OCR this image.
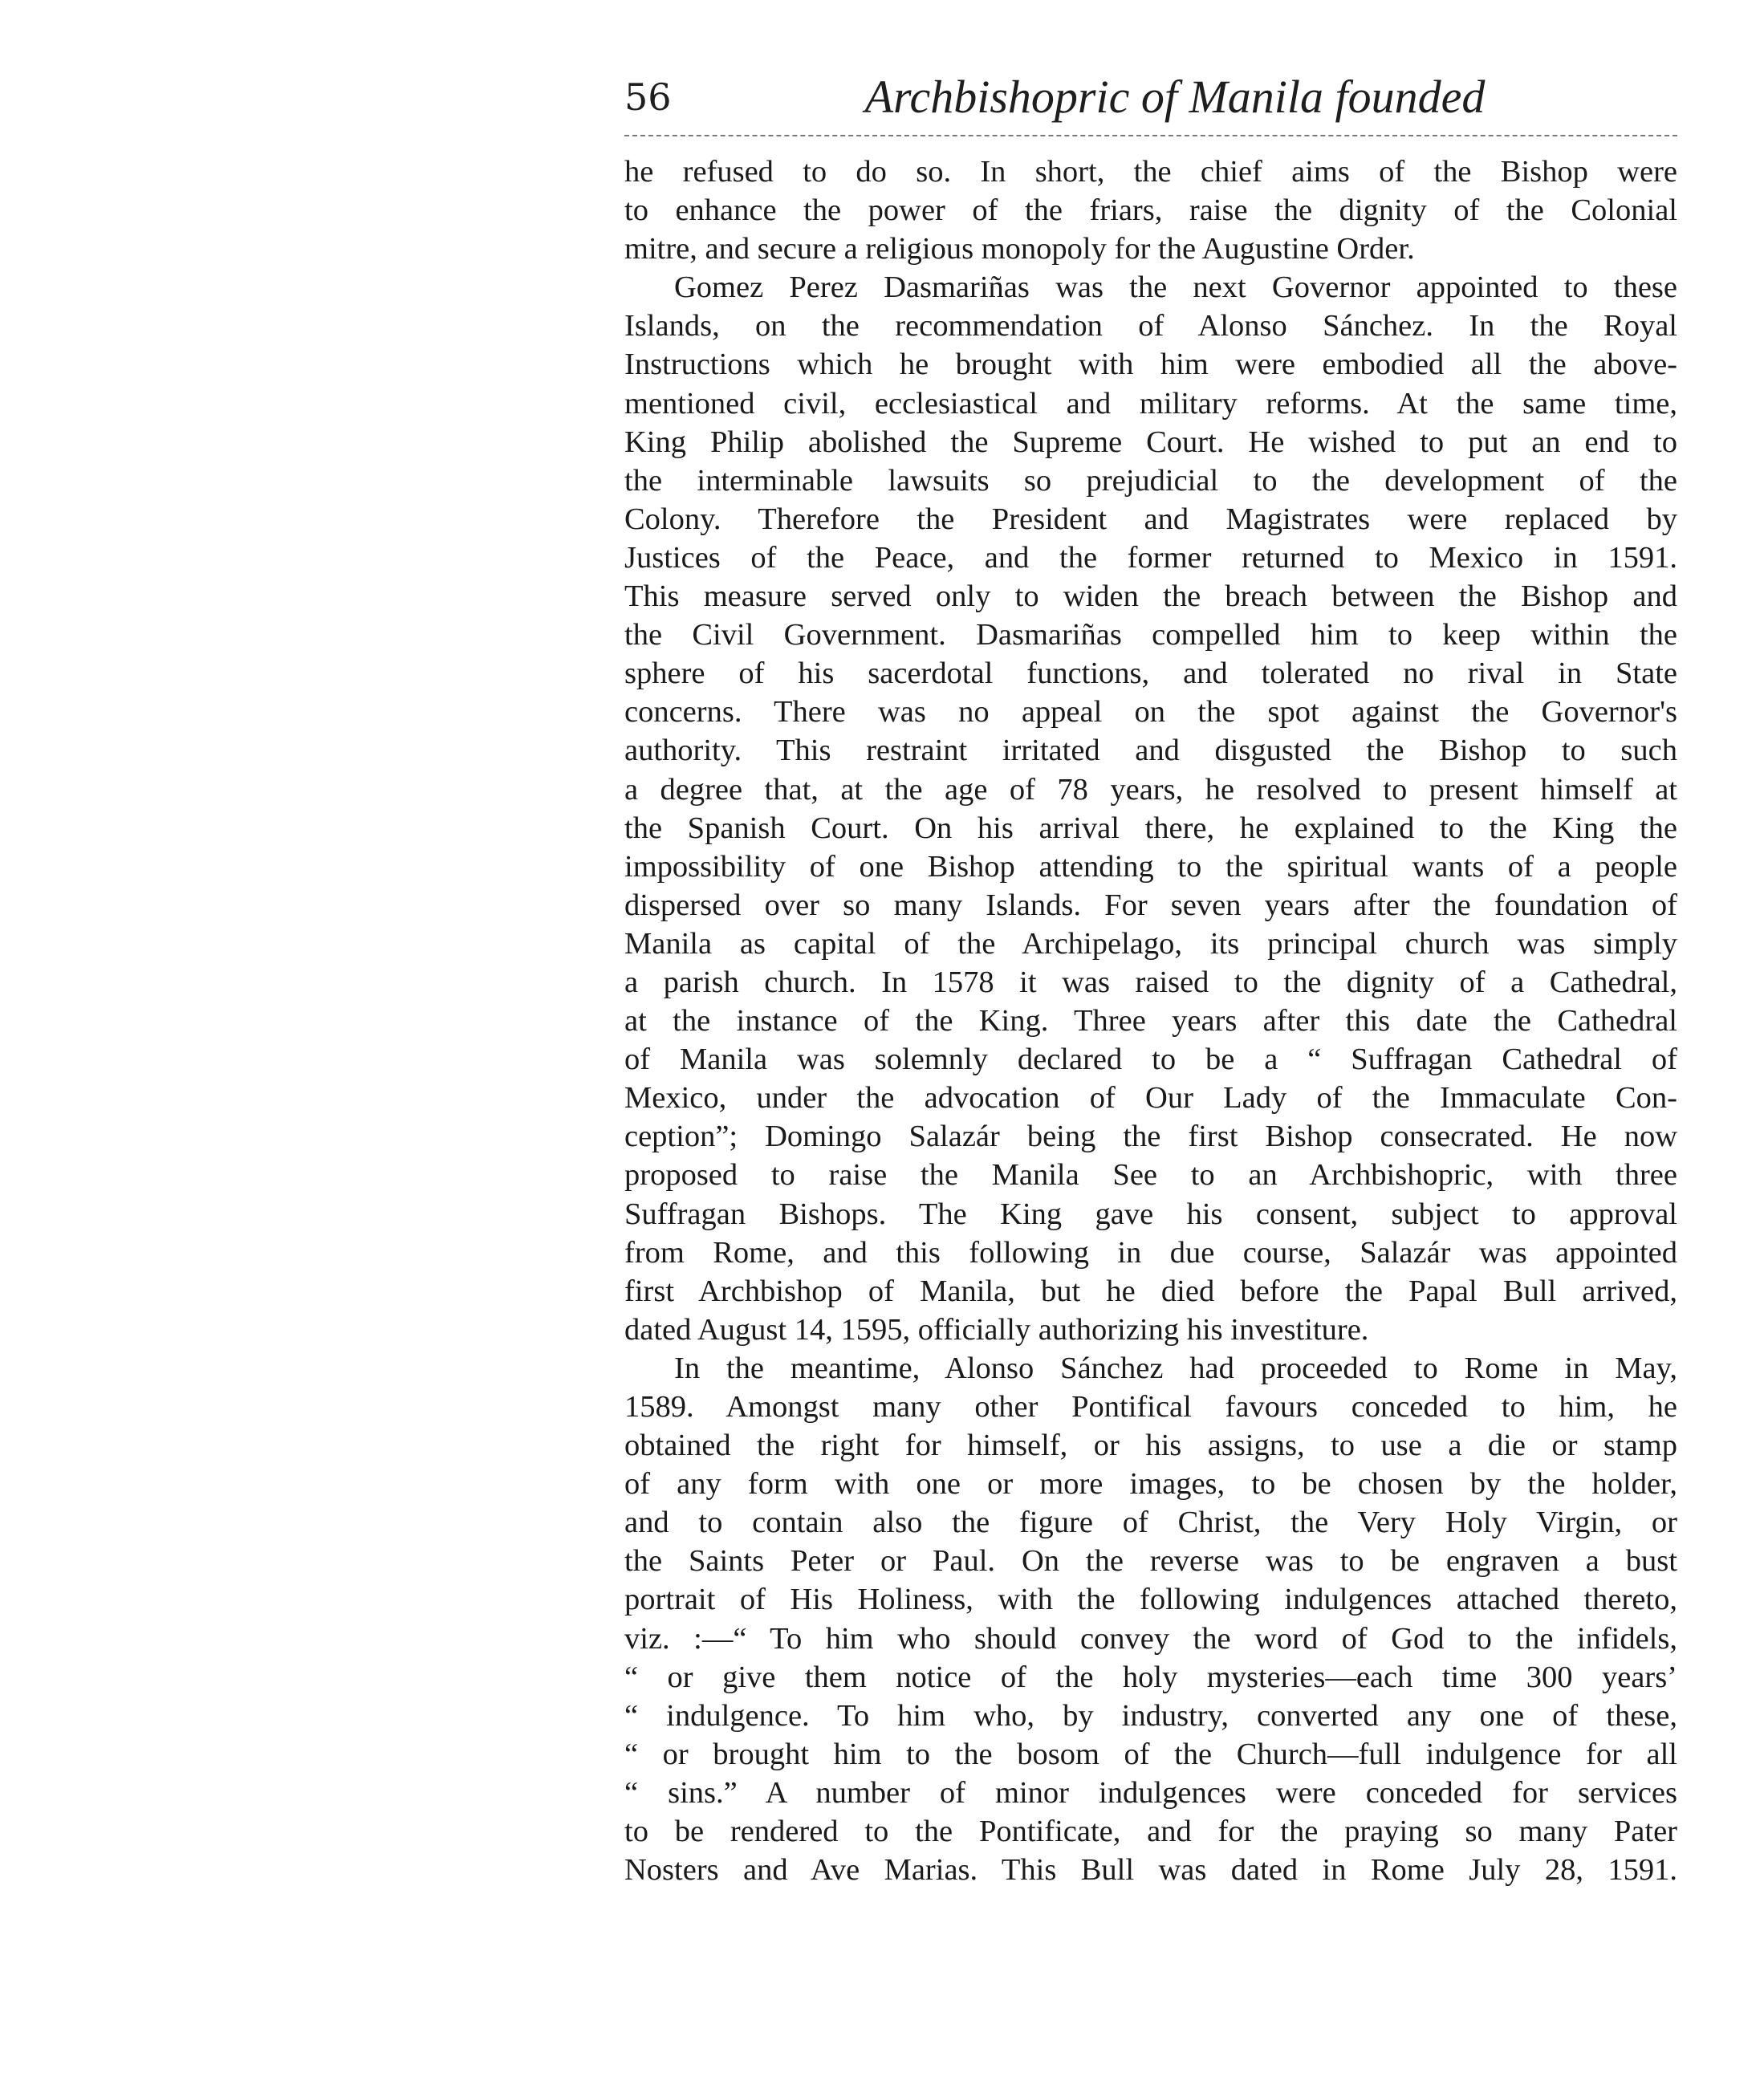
56	Archbishopric of Manila founded
he refused to do so. In short, the chief aims of the Bishop were
to enhance the power of the friars, raise the dignity of the Colonial
mitre, and secure a religious monopoly for the Augustine Order.
Gomez Perez Dasmariñas was the next Governor appointed to these
Islands, on the recommendation of Alonso Sánchez. In the Royal
Instructions which he brought with him were embodied all the above-
mentioned civil, ecclesiastical and military reforms. At the same time,
King Philip abolished the Supreme Court. He wished to put an end to
the interminable lawsuits so prejudicial to the development of the
Colony. Therefore the President and Magistrates were replaced by
Justices of the Peace, and the former returned to Mexico in 1591.
This measure served only to widen the breach between the Bishop and
the Civil Government. Dasmariñas compelled him to keep within the
sphere of his sacerdotal functions, and tolerated no rival in State
concerns. There was no appeal on the spot against the Governor's
authority. This restraint irritated and disgusted the Bishop to such
a degree that, at the age of 78 years, he resolved to present himself at
the Spanish Court. On his arrival there, he explained to the King the
impossibility of one Bishop attending to the spiritual wants of a people
dispersed over so many Islands. For seven years after the foundation of
Manila as capital of the Archipelago, its principal church was simply
a parish church. In 1578 it was raised to the dignity of a Cathedral,
at the instance of the King. Three years after this date the Cathedral
of Manila was solemnly declared to be a “ Suffragan Cathedral of
Mexico, under the advocation of Our Lady of the Immaculate Con-
ception”; Domingo Salazár being the first Bishop consecrated. He now
proposed to raise the Manila See to an Archbishopric, with three
Suffragan Bishops. The King gave his consent, subject to approval
from Rome, and this following in due course, Salazár was appointed
first Archbishop of Manila, but he died before the Papal Bull arrived,
dated August 14, 1595, officially authorizing his investiture.
In the meantime, Alonso Sánchez had proceeded to Rome in May,
1589. Amongst many other Pontifical favours conceded to him, he
obtained the right for himself, or his assigns, to use a die or stamp
of any form with one or more images, to be chosen by the holder,
and to contain also the figure of Christ, the Very Holy Virgin, or
the Saints Peter or Paul. On the reverse was to be engraven a bust
portrait of His Holiness, with the following indulgences attached thereto,
viz. :—“ To him who should convey the word of God to the infidels,
“ or give them notice of the holy mysteries—each time 300 years’
“ indulgence. To him who, by industry, converted any one of these,
“ or brought him to the bosom of the Church—full indulgence for all
“ sins.” A number of minor indulgences were conceded for services
to be rendered to the Pontificate, and for the praying so many Pater
Nosters and Ave Marias. This Bull was dated in Rome July 28, 1591.
